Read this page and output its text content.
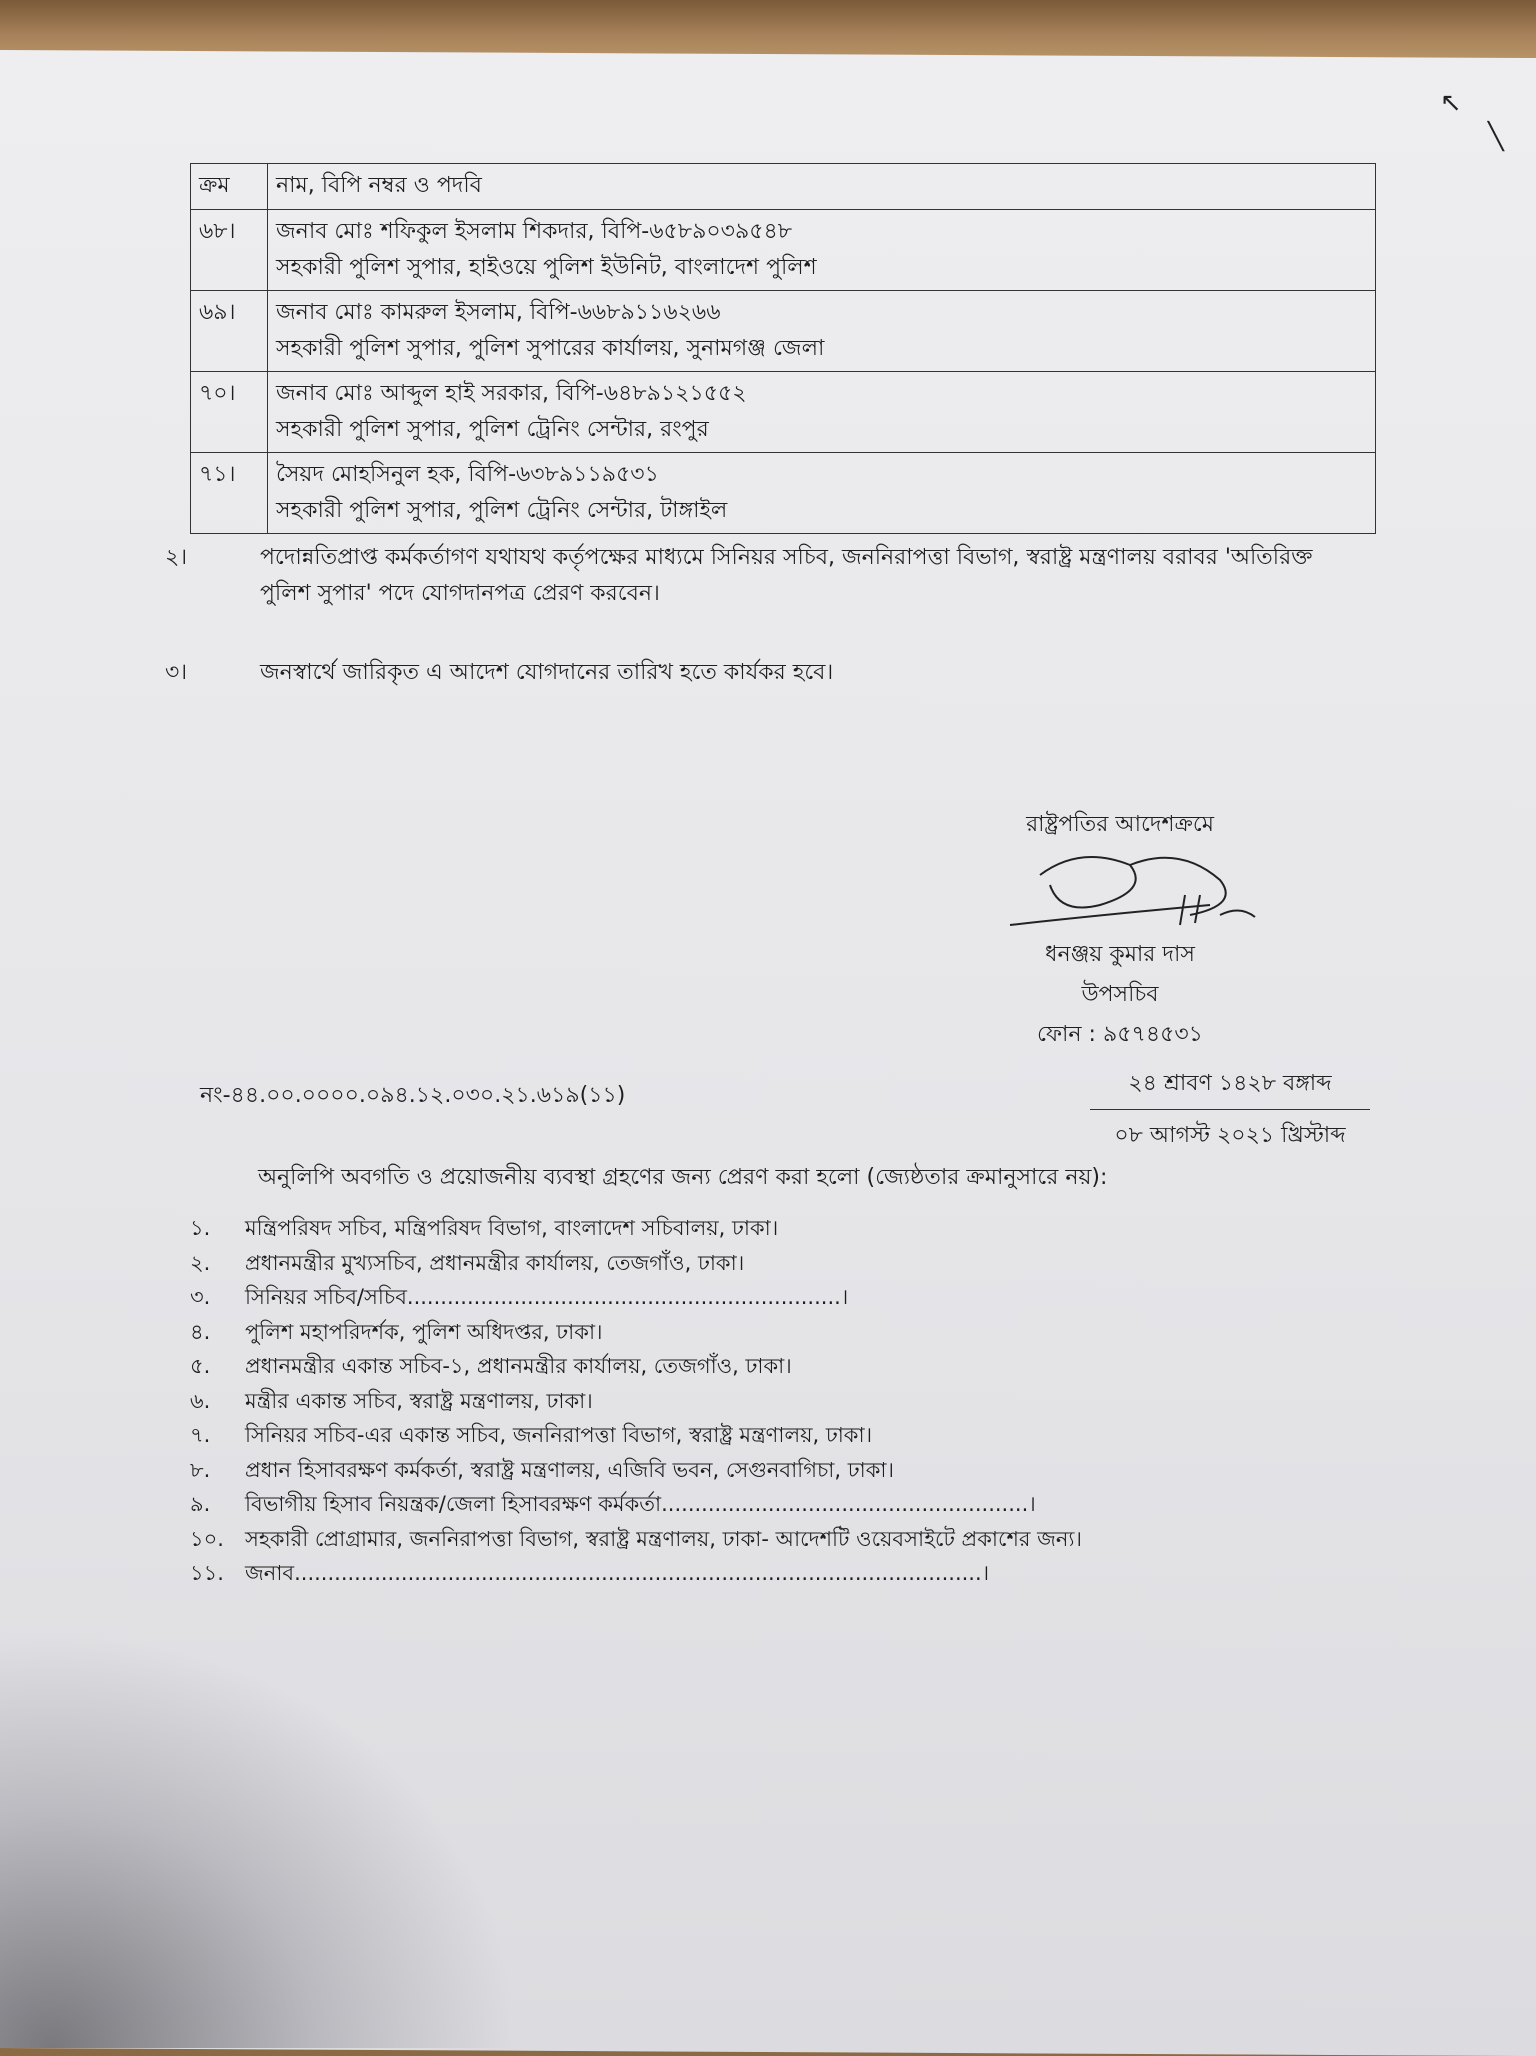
↖
╲
ক্রম	নাম, বিপি নম্বর ও পদবি
৬৮।	জনাব মোঃ শফিকুল ইসলাম শিকদার, বিপি-৬৫৮৯০৩৯৫৪৮
সহকারী পুলিশ সুপার, হাইওয়ে পুলিশ ইউনিট, বাংলাদেশ পুলিশ

৬৯।	জনাব মোঃ কামরুল ইসলাম, বিপি-৬৬৮৯১১৬২৬৬
সহকারী পুলিশ সুপার, পুলিশ সুপারের কার্যালয়, সুনামগঞ্জ জেলা

৭০।	জনাব মোঃ আব্দুল হাই সরকার, বিপি-৬৪৮৯১২১৫৫২
সহকারী পুলিশ সুপার, পুলিশ ট্রেনিং সেন্টার, রংপুর

৭১।	সৈয়দ মোহসিনুল হক, বিপি-৬৩৮৯১১৯৫৩১
সহকারী পুলিশ সুপার, পুলিশ ট্রেনিং সেন্টার, টাঙ্গাইল
২।	পদোন্নতিপ্রাপ্ত কর্মকর্তাগণ যথাযথ কর্তৃপক্ষের মাধ্যমে সিনিয়র সচিব, জননিরাপত্তা বিভাগ, স্বরাষ্ট্র মন্ত্রণালয় বরাবর 'অতিরিক্ত পুলিশ সুপার' পদে যোগদানপত্র প্রেরণ করবেন।
৩।	জনস্বার্থে জারিকৃত এ আদেশ যোগদানের তারিখ হতে কার্যকর হবে।
রাষ্ট্রপতির আদেশক্রমে
ধনঞ্জয় কুমার দাস
উপসচিব
ফোন : ৯৫৭৪৫৩১
নং-৪৪.০০.০০০০.০৯৪.১২.০৩০.২১.৬১৯(১১)	২৪ শ্রাবণ ১৪২৮ বঙ্গাব্দ
০৮ আগস্ট ২০২১ খ্রিস্টাব্দ
অনুলিপি অবগতি ও প্রয়োজনীয় ব্যবস্থা গ্রহণের জন্য প্রেরণ করা হলো (জ্যেষ্ঠতার ক্রমানুসারে নয়):
১.	মন্ত্রিপরিষদ সচিব, মন্ত্রিপরিষদ বিভাগ, বাংলাদেশ সচিবালয়, ঢাকা।
২.	প্রধানমন্ত্রীর মুখ্যসচিব, প্রধানমন্ত্রীর কার্যালয়, তেজগাঁও, ঢাকা।
৩.	সিনিয়র সচিব/সচিব.................................................................।
৪.	পুলিশ মহাপরিদর্শক, পুলিশ অধিদপ্তর, ঢাকা।
৫.	প্রধানমন্ত্রীর একান্ত সচিব-১, প্রধানমন্ত্রীর কার্যালয়, তেজগাঁও, ঢাকা।
৬.	মন্ত্রীর একান্ত সচিব, স্বরাষ্ট্র মন্ত্রণালয়, ঢাকা।
৭.	সিনিয়র সচিব-এর একান্ত সচিব, জননিরাপত্তা বিভাগ, স্বরাষ্ট্র মন্ত্রণালয়, ঢাকা।
৮.	প্রধান হিসাবরক্ষণ কর্মকর্তা, স্বরাষ্ট্র মন্ত্রণালয়, এজিবি ভবন, সেগুনবাগিচা, ঢাকা।
৯.	বিভাগীয় হিসাব নিয়ন্ত্রক/জেলা হিসাবরক্ষণ কর্মকর্তা.......................................................।
১০. সহকারী প্রোগ্রামার, জননিরাপত্তা বিভাগ, স্বরাষ্ট্র মন্ত্রণালয়, ঢাকা- আদেশটি ওয়েবসাইটে প্রকাশের জন্য।
১১. জনাব.......................................................................................................।
